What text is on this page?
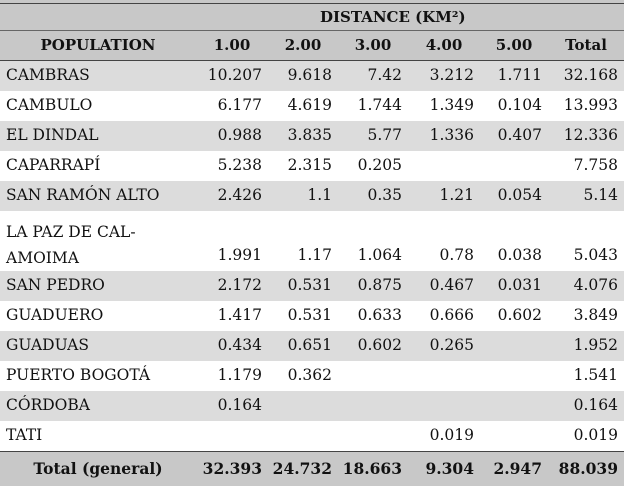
	DISTANCE (KM²)					
POPULATION	1.00	2.00	3.00	4.00	5.00	Total
CAMBRAS	10.207	9.618	7.42	3.212	1.711	32.168
CAMBULO	6.177	4.619	1.744	1.349	0.104	13.993
EL DINDAL	0.988	3.835	5.77	1.336	0.407	12.336
CAPARRAPÍ	5.238	2.315	0.205			7.758
SAN RAMÓN ALTO	2.426	1.1	0.35	1.21	0.054	5.14
LA PAZ DE CAL- AMOIMA	1.991	1.17	1.064	0.78	0.038	5.043
SAN PEDRO	2.172	0.531	0.875	0.467	0.031	4.076
GUADUERO	1.417	0.531	0.633	0.666	0.602	3.849
GUADUAS	0.434	0.651	0.602	0.265		1.952
PUERTO BOGOTÁ	1.179	0.362				1.541
CÓRDOBA	0.164					0.164
TATI				0.019		0.019
Total (general)	32.393	24.732	18.663	9.304	2.947	88.039
